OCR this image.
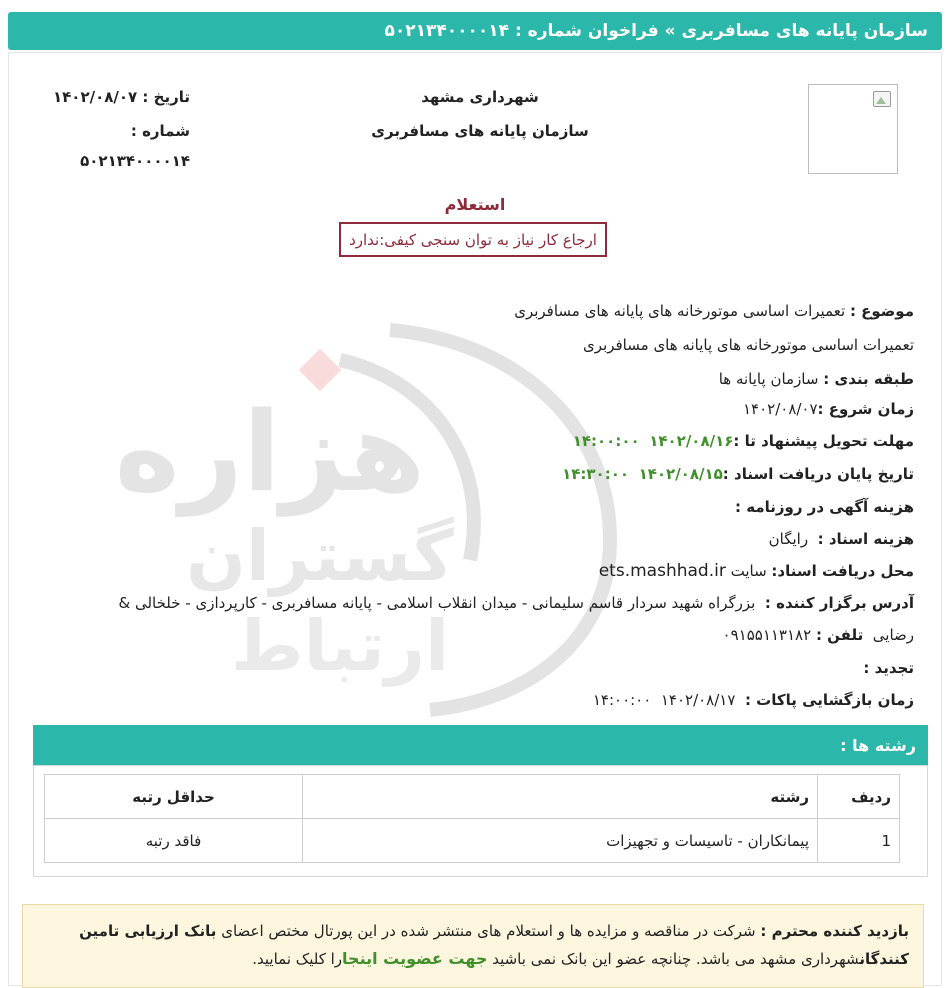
سازمان پایانه های مسافربری » فراخوان شماره :
۵۰۲۱۳۴۰۰۰۰۱۴
هزاره
گستران
ارتباط
شهرداری مشهد
سازمان پایانه های مسافربری
تاریخ : ۱۴۰۲/۰۸/۰۷
شماره :
۵۰۲۱۳۴۰۰۰۰۱۴
استعلام
ارجاع کار نیاز به توان سنجی کیفی:ندارد
موضوع : تعمیرات اساسی موتورخانه های پایانه های مسافربری
تعمیرات اساسی موتورخانه های پایانه های مسافربری
طبقه بندی : سازمان پایانه ها
زمان شروع :۱۴۰۲/۰۸/۰۷
مهلت تحویل پیشنهاد تا :۱۴۰۲/۰۸/۱۶  ۱۴:۰۰:۰۰
تاریخ پایان دریافت اسناد :۱۴۰۲/۰۸/۱۵  ۱۴:۳۰:۰۰
هزینه آگهی در روزنامه :
هزینه اسناد :  رایگان
محل دریافت اسناد: سایت ets.mashhad.ir
آدرس برگزار کننده :  بزرگراه شهید سردار قاسم سلیمانی - میدان انقلاب اسلامی - پایانه مسافربری - کارپردازی - خلخالی &
رضایی  تلفن : ۰۹۱۵۵۱۱۳۱۸۲
تجدید :
زمان بازگشایی پاکات :  ۱۴۰۲/۰۸/۱۷  ۱۴:۰۰:۰۰
رشته ها :
ردیف	رشته	حداقل رتبه
1	پیمانکاران - تاسیسات و تجهیزات	فاقد رتبه
بازدید کننده محترم : شرکت در مناقصه و مزایده ها و استعلام های منتشر شده در این پورتال مختص اعضای بانک ارزیابی تامین کنندگانشهرداری مشهد می باشد. چنانچه عضو این بانک نمی باشید جهت عضویت اینجارا کلیک نمایید.
